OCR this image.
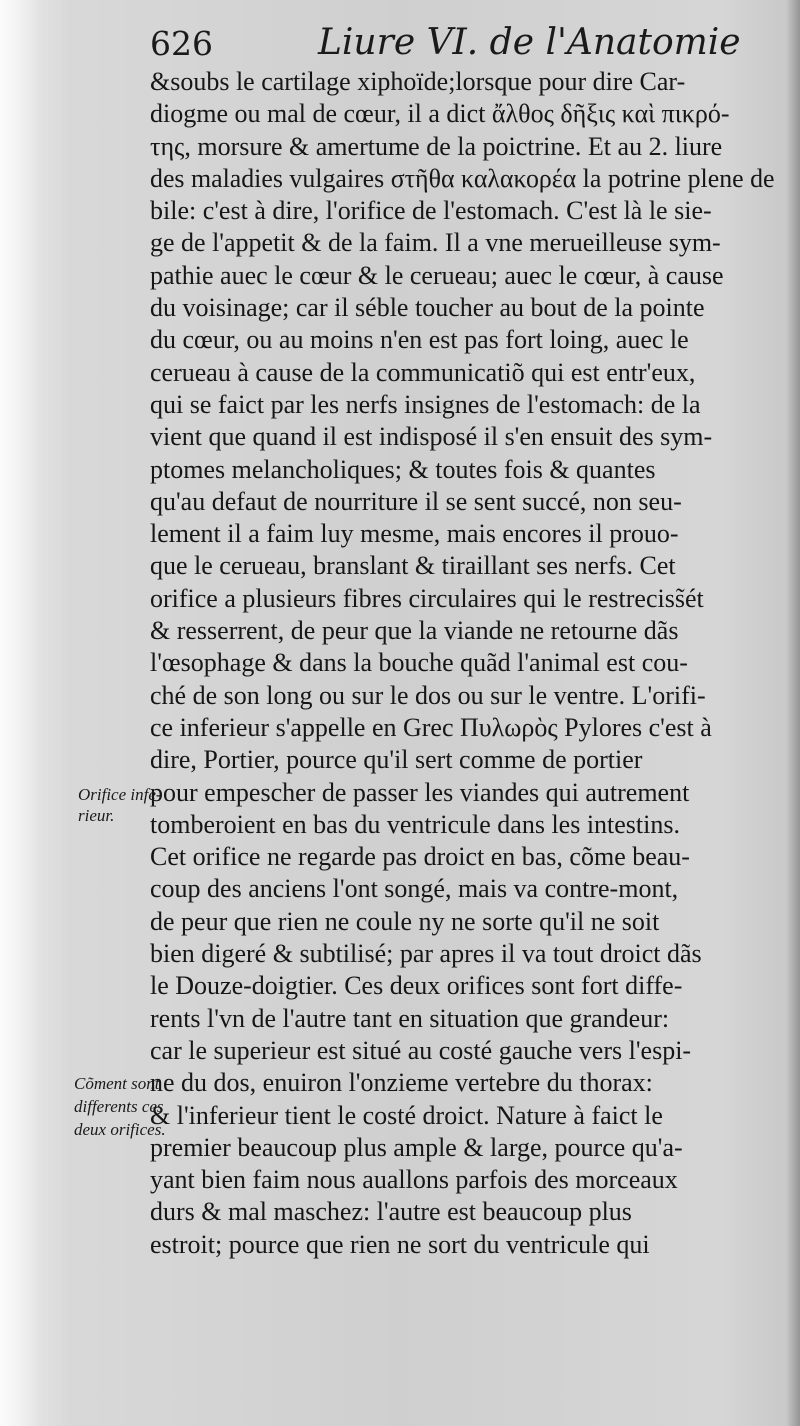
626	Liure VI. de l'Anatomie
&soubs le cartilage xiphoïde;lorsque pour dire Car-
diogme ou mal de cœur, il a dict ἄλθος δῆξις καὶ πικρό-
της, morsure & amertume de la poictrine. Et au 2. liure
des maladies vulgaires στῆθα καλακορέα la potrine plene de
bile: c'est à dire, l'orifice de l'estomach. C'est là le sie-
ge de l'appetit & de la faim. Il a vne merueilleuse sym-
pathie auec le cœur & le cerueau; auec le cœur, à cause
du voisinage; car il séble toucher au bout de la pointe
du cœur, ou au moins n'en est pas fort loing, auec le
cerueau à cause de la communicatiõ qui est entr'eux,
qui se faict par les nerfs insignes de l'estomach: de la
vient que quand il est indisposé il s'en ensuit des sym-
ptomes melancholiques; & toutes fois & quantes
qu'au defaut de nourriture il se sent succé, non seu-
lement il a faim luy mesme, mais encores il prouo-
que le cerueau, branslant & tiraillant ses nerfs. Cet
orifice a plusieurs fibres circulaires qui le restreciss̃ét
& resserrent, de peur que la viande ne retourne dãs
l'œsophage & dans la bouche quãd l'animal est cou-
ché de son long ou sur le dos ou sur le ventre. L'orifi-
ce inferieur s'appelle en Grec Πυλωρὸς Pylores c'est à
dire, Portier, pource qu'il sert comme de portier
pour empescher de passer les viandes qui autrement
tomberoient en bas du ventricule dans les intestins.
Cet orifice ne regarde pas droict en bas, cõme beau-
coup des anciens l'ont songé, mais va contre-mont,
de peur que rien ne coule ny ne sorte qu'il ne soit
bien digeré & subtilisé; par apres il va tout droict dãs
le Douze-doigtier. Ces deux orifices sont fort diffe-
rents l'vn de l'autre tant en situation que grandeur:
car le superieur est situé au costé gauche vers l'espi-
ne du dos, enuiron l'onzieme vertebre du thorax:
& l'inferieur tient le costé droict. Nature à faict le
premier beaucoup plus ample & large, pource qu'a-
yant bien faim nous auallons parfois des morceaux
durs & mal maschez: l'autre est beaucoup plus
estroit; pource que rien ne sort du ventricule qui
Orifice infe-
rieur.
Cõment sont
differents ces
deux orifices.
